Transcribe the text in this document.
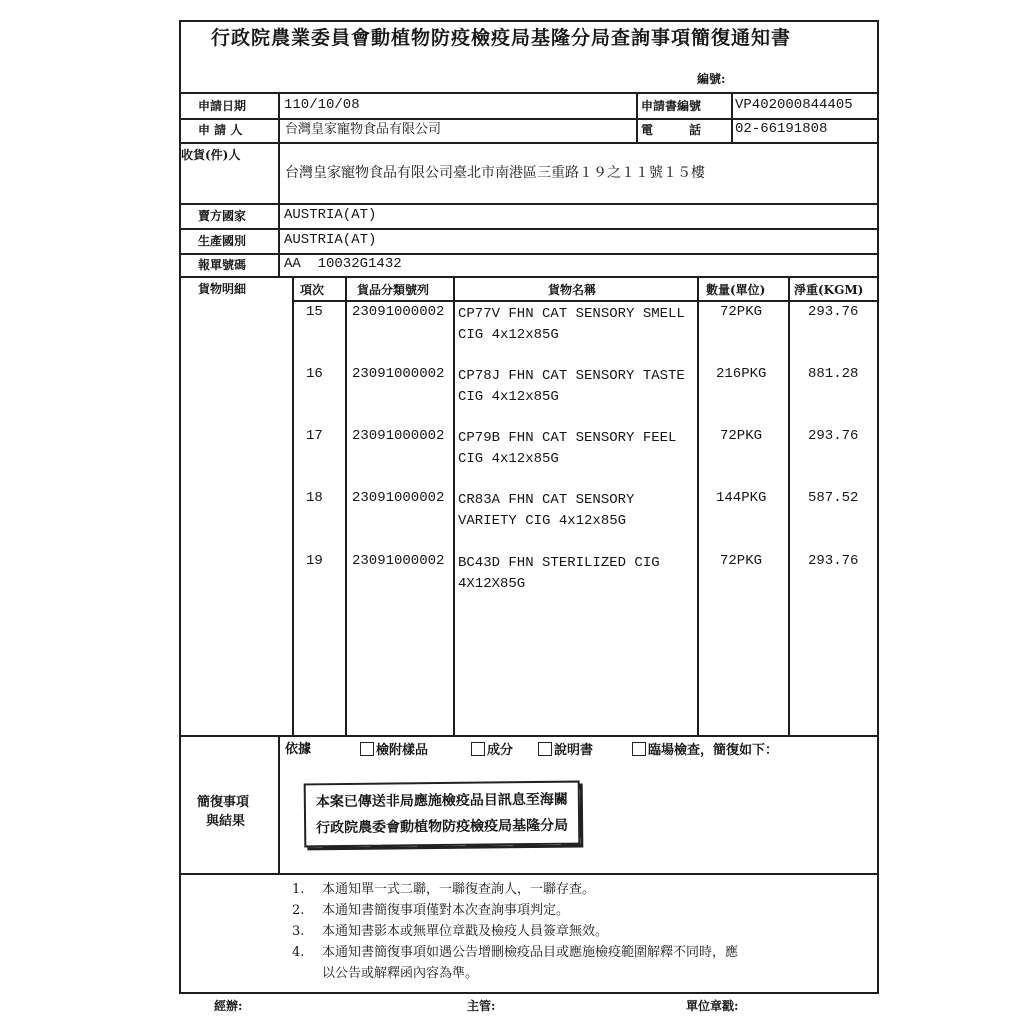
行政院農業委員會動植物防疫檢疫局基隆分局查詢事項簡復通知書
編號:
申請日期	110/10/08	申請書編號 VP402000844405
申 請 人	台灣皇家寵物食品有限公司	電　　　話 02-66191808
收貨(件)人
台灣皇家寵物食品有限公司臺北市南港區三重路１９之１１號１５樓
賣方國家	AUSTRIA(AT)
生產國別	AUSTRIA(AT)
報單號碼	AA  10032G1432
貨物明細	項次	貨品分類號列	貨物名稱	數量(單位) 淨重(KGM)
15 23091000002 CP77V FHN CAT SENSORY SMELL
CIG 4x12x85G
72PKG	293.76
16 23091000002 CP78J FHN CAT SENSORY TASTE
CIG 4x12x85G
216PKG	881.28
17 23091000002 CP79B FHN CAT SENSORY FEEL
CIG 4x12x85G
72PKG	293.76
18 23091000002 CR83A FHN CAT SENSORY
VARIETY CIG 4x12x85G
144PKG	587.52
19 23091000002 BC43D FHN STERILIZED CIG
4X12X85G
72PKG	293.76
依據	檢附樣品	成分	說明書	臨場檢查，簡復如下：
簡復事項
與結果
本案已傳送非局應施檢疫品目訊息至海關
行政院農委會動植物防疫檢疫局基隆分局
1. 本通知單一式二聯，一聯復查詢人，一聯存查。
2. 本通知書簡復事項僅對本次查詢事項判定。
3. 本通知書影本或無單位章戳及檢疫人員簽章無效。
4.	本通知書簡復事項如遇公告增刪檢疫品目或應施檢疫範圍解釋不同時，應
以公告或解釋函內容為準。
經辦:	主管:	單位章戳:
